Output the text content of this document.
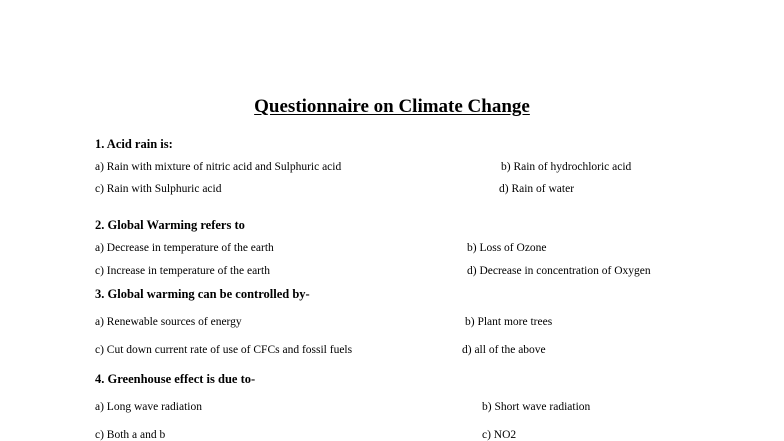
Questionnaire on Climate Change
1. Acid rain is:
a) Rain with mixture of nitric acid and Sulphuric acid	b) Rain of hydrochloric acid
c) Rain with Sulphuric acid	d) Rain of water
2. Global Warming refers to
a) Decrease in temperature of the earth	b) Loss of Ozone
c) Increase in temperature of the earth	d) Decrease in concentration of Oxygen
3. Global warming can be controlled by-
a) Renewable sources of energy	b) Plant more trees
c) Cut down current rate of use of CFCs and fossil fuels	d) all of the above
4. Greenhouse effect is due to-
a) Long wave radiation	b) Short wave radiation
c) Both a and b	c) NO2
